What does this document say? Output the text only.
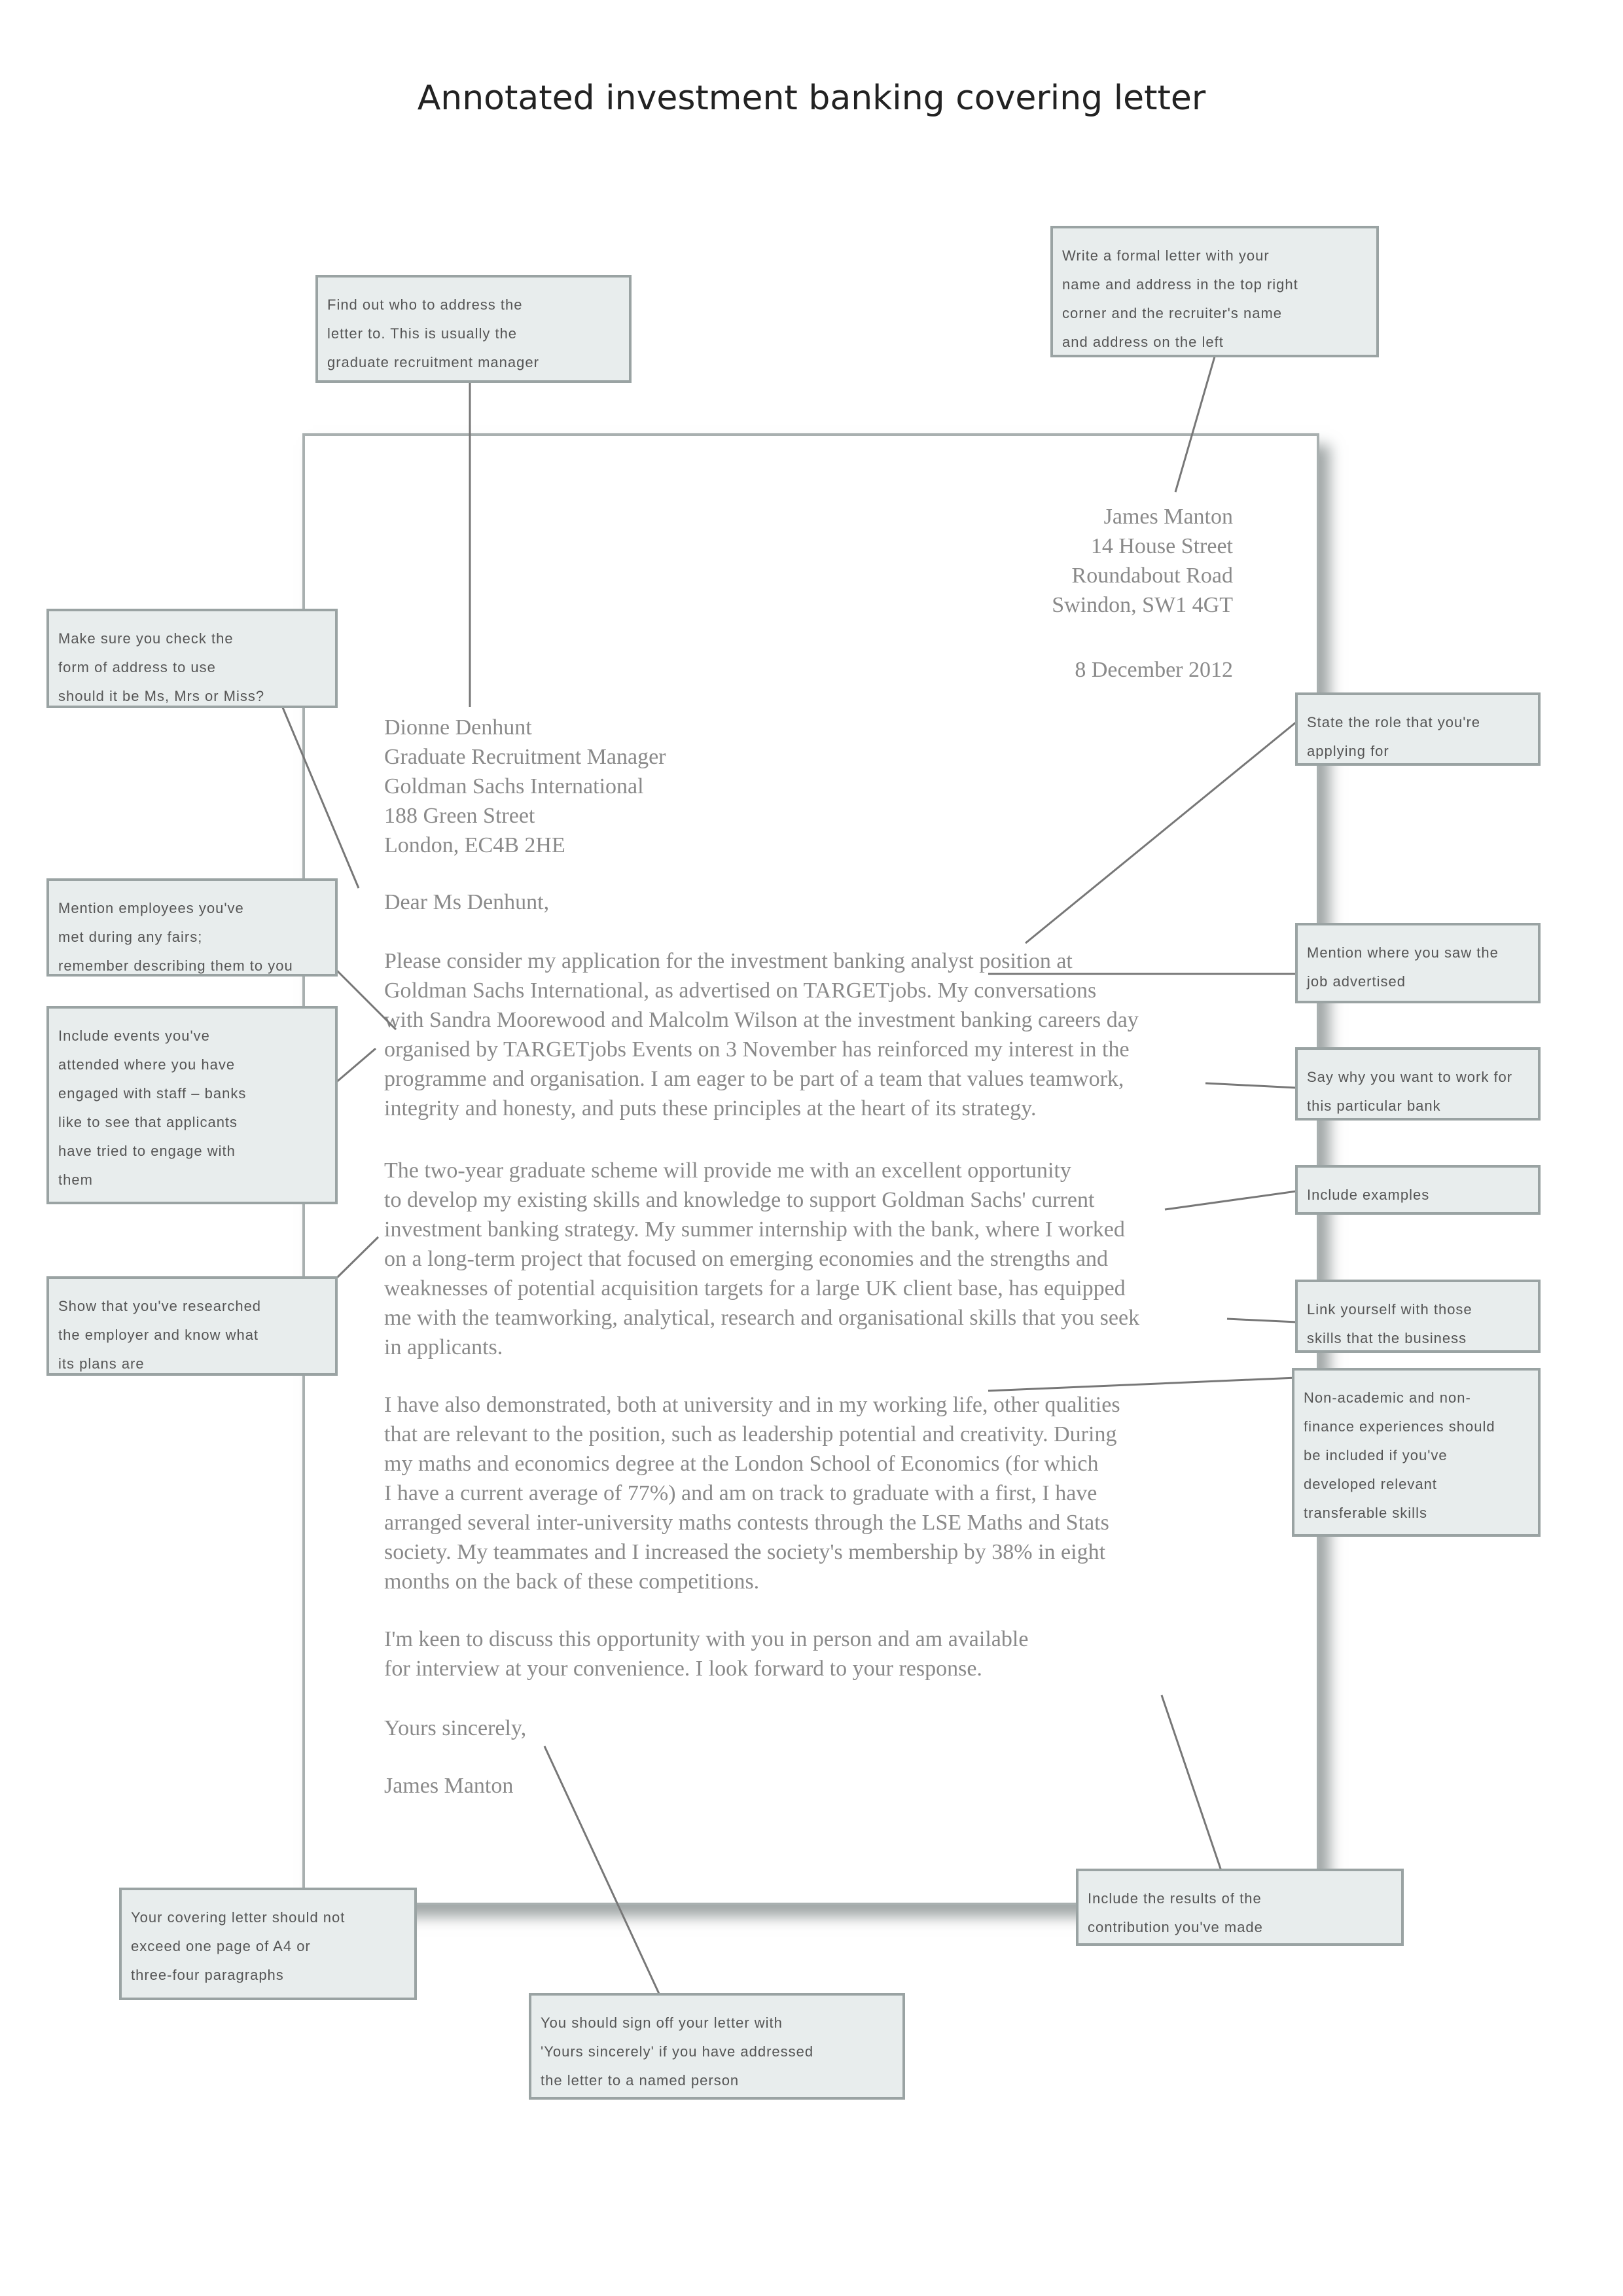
Annotated investment banking covering letter
James Manton
14 House Street
Roundabout Road
Swindon, SW1 4GT
8 December 2012
Dionne Denhunt
Graduate Recruitment Manager
Goldman Sachs International
188 Green Street
London, EC4B 2HE
Dear Ms Denhunt,
Please consider my application for the investment banking analyst position at
Goldman Sachs International, as advertised on TARGETjobs. My conversations
with Sandra Moorewood and Malcolm Wilson at the investment banking careers day
organised by TARGETjobs Events on 3 November has reinforced my interest in the
programme and organisation. I am eager to be part of a team that values teamwork,
integrity and honesty, and puts these principles at the heart of its strategy.
The two-year graduate scheme will provide me with an excellent opportunity
to develop my existing skills and knowledge to support Goldman Sachs' current
investment banking strategy. My summer internship with the bank, where I worked
on a long-term project that focused on emerging economies and the strengths and
weaknesses of potential acquisition targets for a large UK client base, has equipped
me with the teamworking, analytical, research and organisational skills that you seek
in applicants.
I have also demonstrated, both at university and in my working life, other qualities
that are relevant to the position, such as leadership potential and creativity. During
my maths and economics degree at the London School of Economics (for which
I have a current average of 77%) and am on track to graduate with a first, I have
arranged several inter-university maths contests through the LSE Maths and Stats
society. My teammates and I increased the society's membership by 38% in eight
months on the back of these competitions.
I'm keen to discuss this opportunity with you in person and am available
for interview at your convenience. I look forward to your response.
Yours sincerely,
James Manton
Write a formal letter with your
name and address in the top right
corner and the recruiter's name
and address on the left
Find out who to address the
letter to. This is usually the
graduate recruitment manager
Make sure you check the
form of address to use
should it be Ms, Mrs or Miss?
State the role that you're
applying for
Mention employees you've
met during any fairs;
remember describing them to you
Mention where you saw the
job advertised
Include events you've
attended where you have
engaged with staff – banks
like to see that applicants
have tried to engage with
them
Say why you want to work for
this particular bank
Include examples
Show that you've researched
the employer and know what
its plans are
Link yourself with those
skills that the business
Non-academic and non-
finance experiences should
be included if you've
developed relevant
transferable skills
Include the results of the
contribution you've made
Your covering letter should not
exceed one page of A4 or
three-four paragraphs
You should sign off your letter with
'Yours sincerely' if you have addressed
the letter to a named person
